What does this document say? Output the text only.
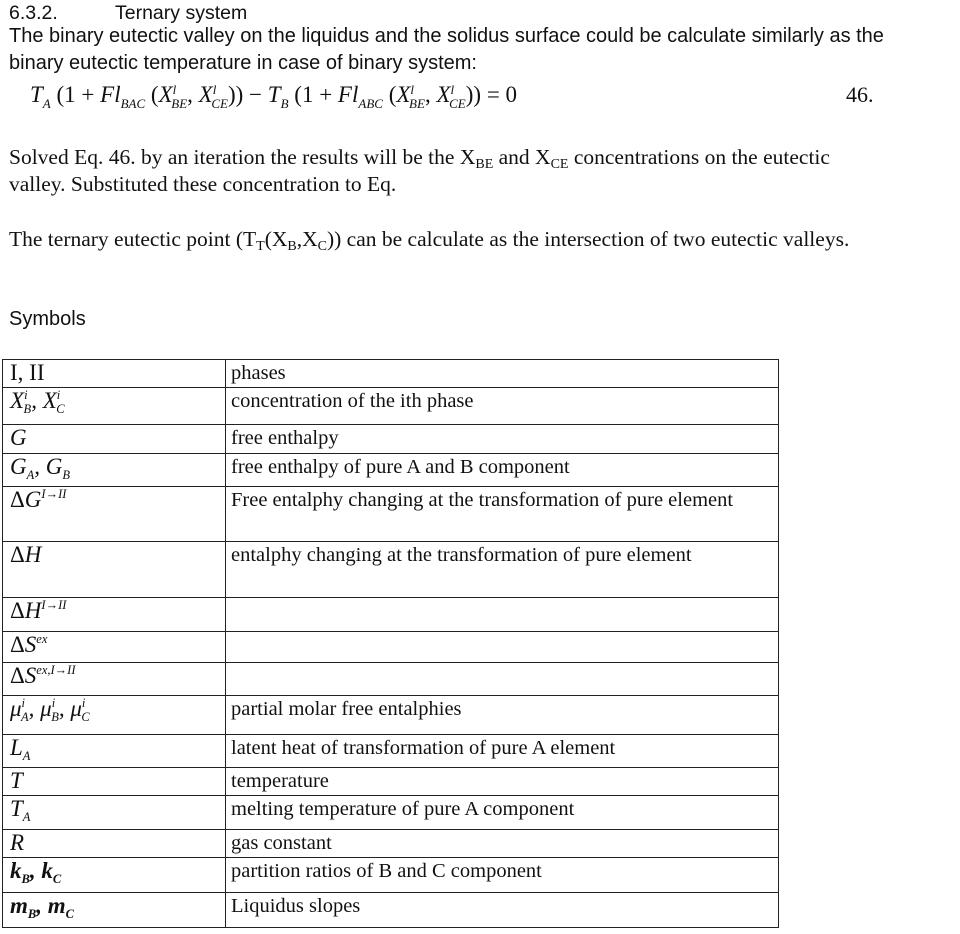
6.3.2.	Ternary system
The binary eutectic valley on the liquidus and the solidus surface could be calculate similarly as the
binary eutectic temperature in case of binary system:
$T_A$ ($1 + Fl_{BAC}$ ($X^l_{BE}$, $X^l_{CE})) - T_B$ ($1 + Fl_{ABC}$ ($X^l_{BE}$, $X^l_{CE})) = 0$	46.
Solved Eq. 46. by an iteration the results will be the XBE and XCE concentrations on the eutectic
valley. Substituted these concentration to Eq.
The ternary eutectic point (TT(XB,XC)) can be calculate as the intersection of two eutectic valleys.
Symbols
I, II	phases
$X^i_B$, $X^i_C$	concentration of the ith phase
G	free enthalpy
$G_A$, $G_B$	free enthalpy of pure A and B component
$\Delta G^{I\to II}$	Free entalphy changing at the transformation of pure element
ΔH	entalphy changing at the transformation of pure element
$\Delta H^{I\to II}$	
$\Delta S^{ex}$	
$\Delta S^{ex,I\to II}$	
$\mu^i_A$, $\mu^i_B$, $\mu^i_C$	partial molar free entalphies
$L_A$	latent heat of transformation of pure A element
T	temperature
$T_A$	melting temperature of pure A component
R	gas constant
$k_B$, $k_C$	partition ratios of B and C component
$m_B$, $m_C$	Liquidus slopes
